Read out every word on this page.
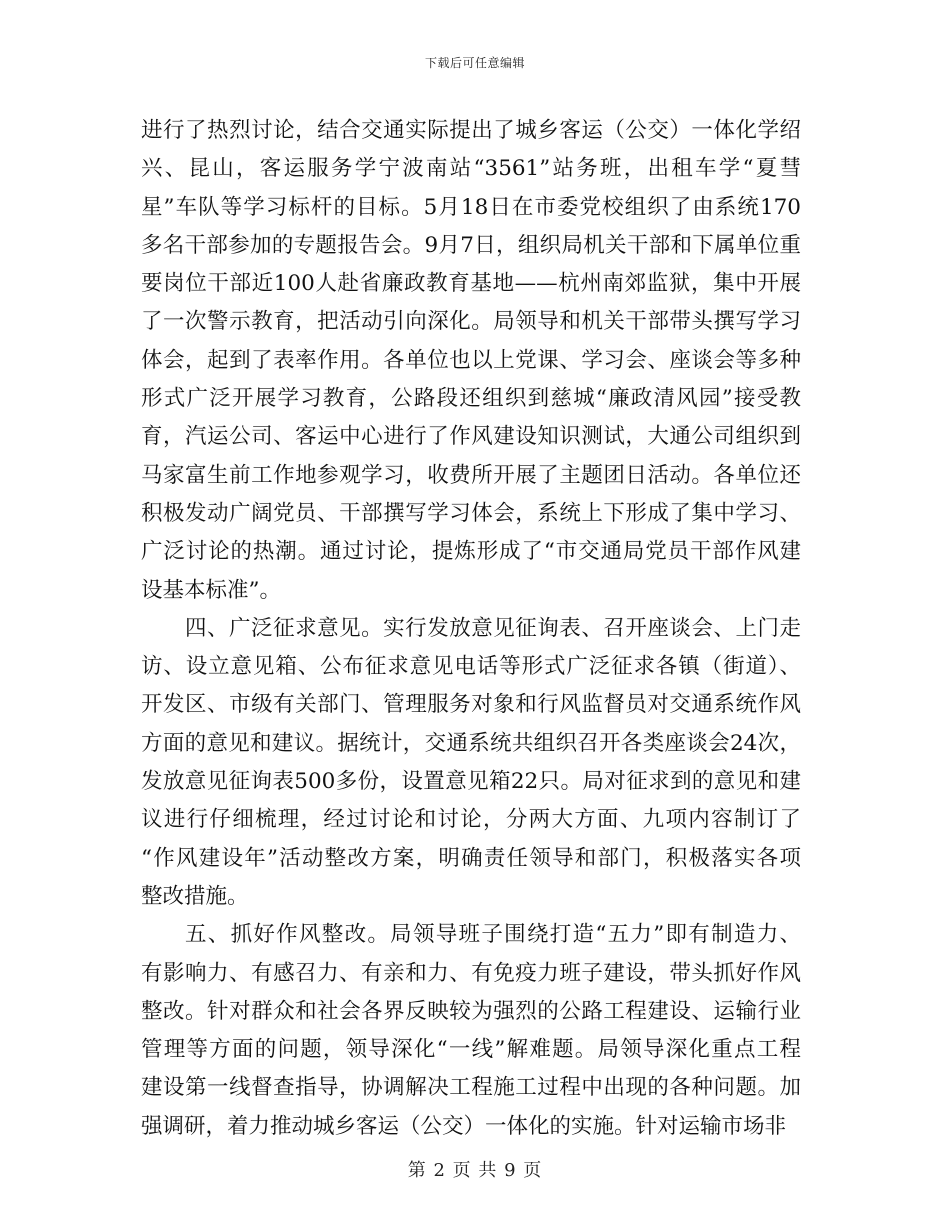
下载后可任意编辑
进行了热烈讨论，结合交通实际提出了城乡客运（公交）一体化学绍
兴、昆山，客运服务学宁波南站“3561”站务班，出租车学“夏彗
星”车队等学习标杆的目标。5月18日在市委党校组织了由系统170
多名干部参加的专题报告会。9月7日，组织局机关干部和下属单位重
要岗位干部近100人赴省廉政教育基地——杭州南郊监狱，集中开展
了一次警示教育，把活动引向深化。局领导和机关干部带头撰写学习
体会，起到了表率作用。各单位也以上党课、学习会、座谈会等多种
形式广泛开展学习教育，公路段还组织到慈城“廉政清风园”接受教
育，汽运公司、客运中心进行了作风建设知识测试，大通公司组织到
马家富生前工作地参观学习，收费所开展了主题团日活动。各单位还
积极发动广阔党员、干部撰写学习体会，系统上下形成了集中学习、
广泛讨论的热潮。通过讨论，提炼形成了“市交通局党员干部作风建
设基本标准”。
四、广泛征求意见。实行发放意见征询表、召开座谈会、上门走
访、设立意见箱、公布征求意见电话等形式广泛征求各镇（街道）、
开发区、市级有关部门、管理服务对象和行风监督员对交通系统作风
方面的意见和建议。据统计，交通系统共组织召开各类座谈会24次，
发放意见征询表500多份，设置意见箱22只。局对征求到的意见和建
议进行仔细梳理，经过讨论和讨论，分两大方面、九项内容制订了
“作风建设年”活动整改方案，明确责任领导和部门，积极落实各项
整改措施。
五、抓好作风整改。局领导班子围绕打造“五力”即有制造力、
有影响力、有感召力、有亲和力、有免疫力班子建设，带头抓好作风
整改。针对群众和社会各界反映较为强烈的公路工程建设、运输行业
管理等方面的问题，领导深化“一线”解难题。局领导深化重点工程
建设第一线督查指导，协调解决工程施工过程中出现的各种问题。加
强调研，着力推动城乡客运（公交）一体化的实施。针对运输市场非
第 2 页 共 9 页
